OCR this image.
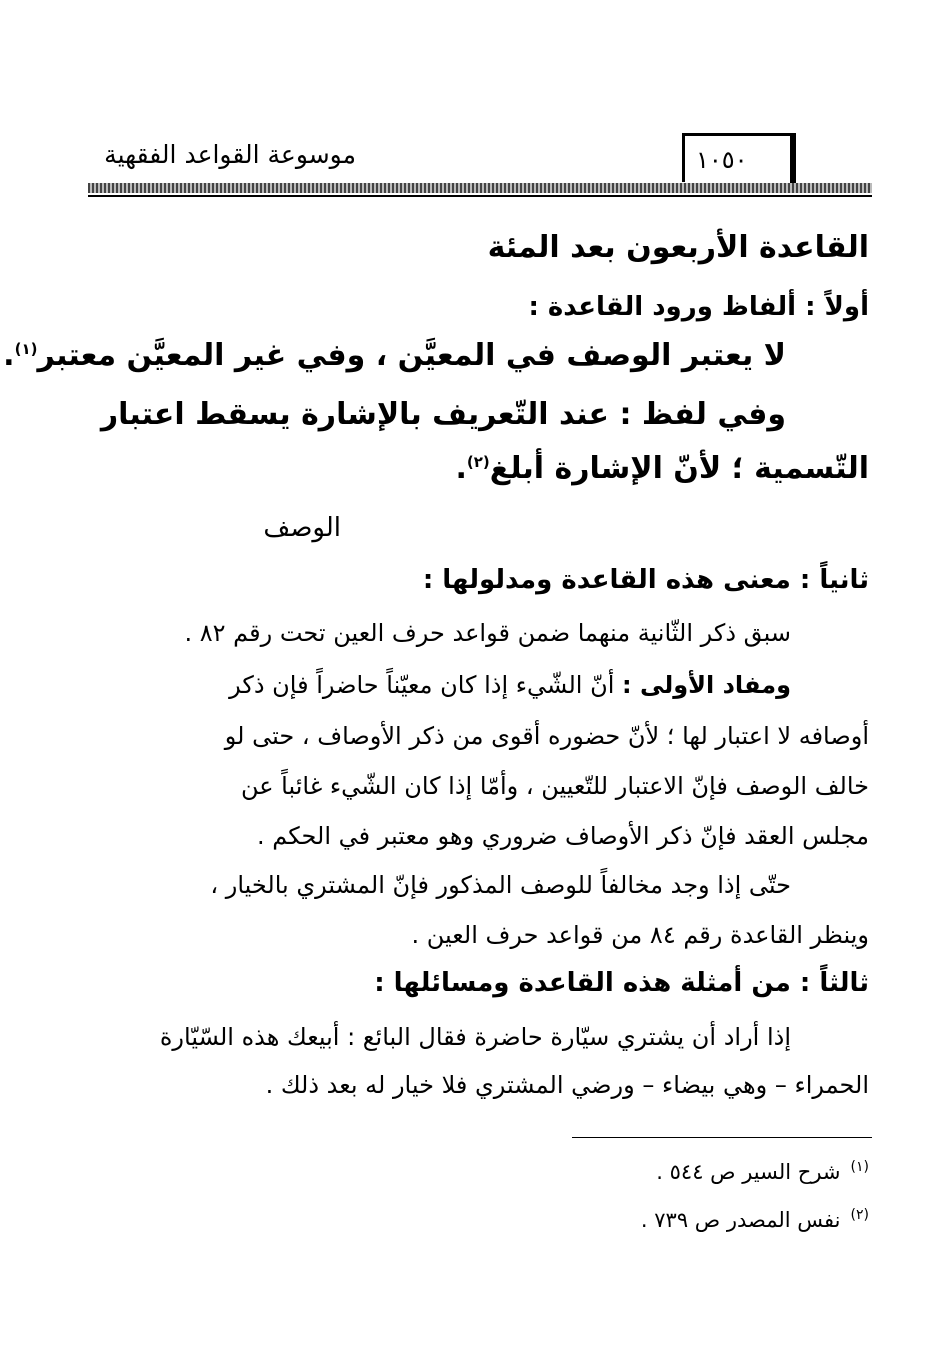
موسوعة القواعد الفقهية	١٠٥٠
القاعدة الأربعون بعد المئة
أولاً : ألفاظ ورود القاعدة :
لا يعتبر الوصف في المعيَّن ، وفي غير المعيَّن معتبر$^{(١)}$.
وفي لفظ : عند التّعريف بالإشارة يسقط اعتبار
التّسمية ؛ لأنّ الإشارة أبلغ$^{(٢)}$.
الوصف
ثانياً : معنى هذه القاعدة ومدلولها :
سبق ذكر الثّانية منهما ضمن قواعد حرف العين تحت رقم ٨٢ .
ومفاد الأولى : أنّ الشّيء إذا كان معيّناً حاضراً فإن ذكر
أوصافه لا اعتبار لها ؛ لأنّ حضوره أقوى من ذكر الأوصاف ، حتى لو
خالف الوصف فإنّ الاعتبار للتّعيين ، وأمّا إذا كان الشّيء غائباً عن
مجلس العقد فإنّ ذكر الأوصاف ضروري وهو معتبر في الحكم .
حتّى إذا وجد مخالفاً للوصف المذكور فإنّ المشتري بالخيار ،
وينظر القاعدة رقم ٨٤ من قواعد حرف العين .
ثالثاً : من أمثلة هذه القاعدة ومسائلها :
إذا أراد أن يشتري سيّارة حاضرة فقال البائع : أبيعك هذه السّيّارة
الحمراء – وهي بيضاء – ورضي المشتري فلا خيار له بعد ذلك .
$^{(١)}$شرح السير ص ٥٤٤ .
$^{(٢)}$نفس المصدر ص ٧٣٩ .
